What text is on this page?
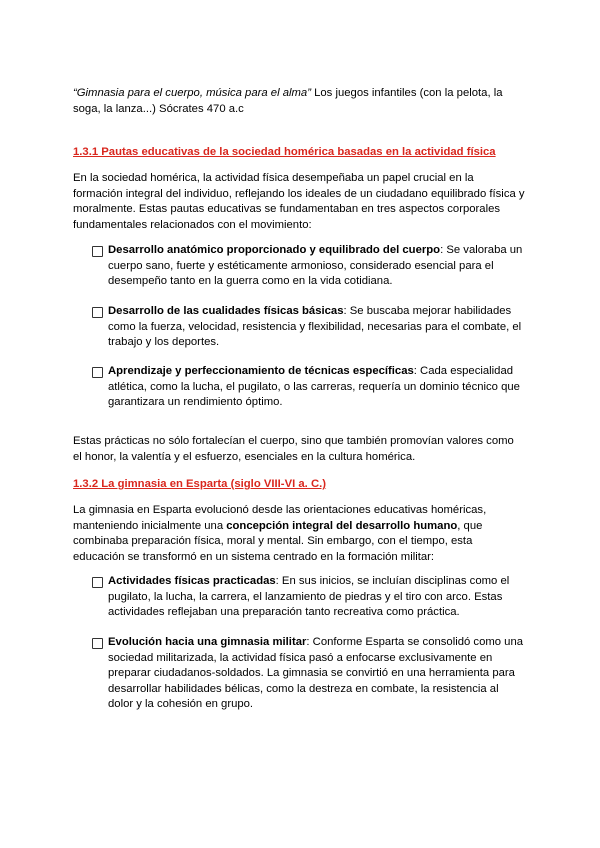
“Gimnasia para el cuerpo, música para el alma” Los juegos infantiles (con la pelota, la soga, la lanza...) Sócrates 470 a.c

1.3.1 Pautas educativas de la sociedad homérica basadas en la actividad física

En la sociedad homérica, la actividad física desempeñaba un papel crucial en la formación integral del individuo, reflejando los ideales de un ciudadano equilibrado física y moralmente. Estas pautas educativas se fundamentaban en tres aspectos corporales fundamentales relacionados con el movimiento:

Desarrollo anatómico proporcionado y equilibrado del cuerpo: Se valoraba un cuerpo sano, fuerte y estéticamente armonioso, considerado esencial para el desempeño tanto en la guerra como en la vida cotidiana.
Desarrollo de las cualidades físicas básicas: Se buscaba mejorar habilidades como la fuerza, velocidad, resistencia y flexibilidad, necesarias para el combate, el trabajo y los deportes.
Aprendizaje y perfeccionamiento de técnicas específicas: Cada especialidad atlética, como la lucha, el pugilato, o las carreras, requería un dominio técnico que garantizara un rendimiento óptimo.

Estas prácticas no sólo fortalecían el cuerpo, sino que también promovían valores como el honor, la valentía y el esfuerzo, esenciales en la cultura homérica.

1.3.2 La gimnasia en Esparta (siglo VIII-VI a. C.)

La gimnasia en Esparta evolucionó desde las orientaciones educativas homéricas, manteniendo inicialmente una concepción integral del desarrollo humano, que combinaba preparación física, moral y mental. Sin embargo, con el tiempo, esta educación se transformó en un sistema centrado en la formación militar:

Actividades físicas practicadas: En sus inicios, se incluían disciplinas como el pugilato, la lucha, la carrera, el lanzamiento de piedras y el tiro con arco. Estas actividades reflejaban una preparación tanto recreativa como práctica.
Evolución hacia una gimnasia militar: Conforme Esparta se consolidó como una sociedad militarizada, la actividad física pasó a enfocarse exclusivamente en preparar ciudadanos-soldados. La gimnasia se convirtió en una herramienta para desarrollar habilidades bélicas, como la destreza en combate, la resistencia al dolor y la cohesión en grupo.
